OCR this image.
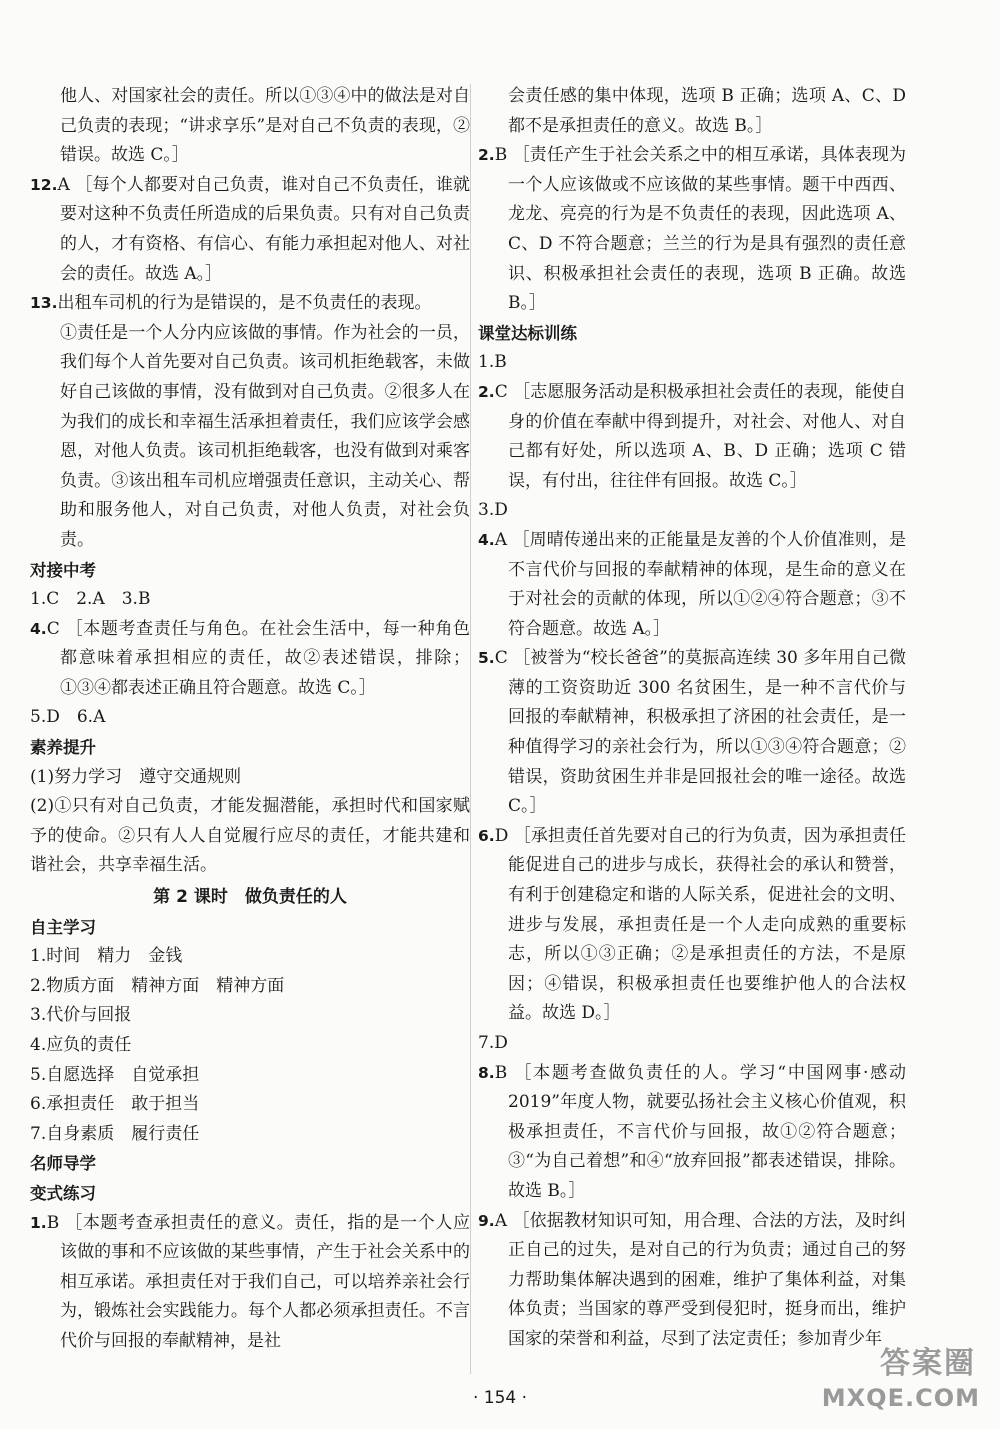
他人、对国家社会的责任。所以①③④中的做法是对自己负责的表现；“讲求享乐”是对自己不负责的表现，②错误。故选 C。］

12.A ［每个人都要对自己负责，谁对自己不负责任，谁就要对这种不负责任所造成的后果负责。只有对自己负责的人，才有资格、有信心、有能力承担起对他人、对社会的责任。故选 A。］

13.出租车司机的行为是错误的，是不负责任的表现。

①责任是一个人分内应该做的事情。作为社会的一员，我们每个人首先要对自己负责。该司机拒绝载客，未做好自己该做的事情，没有做到对自己负责。②很多人在为我们的成长和幸福生活承担着责任，我们应该学会感恩，对他人负责。该司机拒绝载客，也没有做到对乘客负责。③该出租车司机应增强责任意识，主动关心、帮助和服务他人，对自己负责，对他人负责，对社会负责。

对接中考

1.C　2.A　3.B

4.C ［本题考查责任与角色。在社会生活中，每一种角色都意味着承担相应的责任，故②表述错误，排除；①③④都表述正确且符合题意。故选 C。］

5.D　6.A

素养提升

(1)努力学习　遵守交通规则

(2)①只有对自己负责，才能发掘潜能，承担时代和国家赋予的使命。②只有人人自觉履行应尽的责任，才能共建和谐社会，共享幸福生活。

第 2 课时　做负责任的人

自主学习

1.时间　精力　金钱

2.物质方面　精神方面　精神方面

3.代价与回报

4.应负的责任

5.自愿选择　自觉承担

6.承担责任　敢于担当

7.自身素质　履行责任

名师导学

变式练习

1.B ［本题考查承担责任的意义。责任，指的是一个人应该做的事和不应该做的某些事情，产生于社会关系中的相互承诺。承担责任对于我们自己，可以培养亲社会行为，锻炼社会实践能力。每个人都必须承担责任。不言代价与回报的奉献精神，是社

会责任感的集中体现，选项 B 正确；选项 A、C、D 都不是承担责任的意义。故选 B。］

2.B ［责任产生于社会关系之中的相互承诺，具体表现为一个人应该做或不应该做的某些事情。题干中西西、龙龙、亮亮的行为是不负责任的表现，因此选项 A、C、D 不符合题意；兰兰的行为是具有强烈的责任意识、积极承担社会责任的表现，选项 B 正确。故选 B。］

课堂达标训练

1.B

2.C ［志愿服务活动是积极承担社会责任的表现，能使自身的价值在奉献中得到提升，对社会、对他人、对自己都有好处，所以选项 A、B、D 正确；选项 C 错误，有付出，往往伴有回报。故选 C。］

3.D

4.A ［周晴传递出来的正能量是友善的个人价值准则，是不言代价与回报的奉献精神的体现，是生命的意义在于对社会的贡献的体现，所以①②④符合题意；③不符合题意。故选 A。］

5.C ［被誉为“校长爸爸”的莫振高连续 30 多年用自己微薄的工资资助近 300 名贫困生，是一种不言代价与回报的奉献精神，积极承担了济困的社会责任，是一种值得学习的亲社会行为，所以①③④符合题意；②错误，资助贫困生并非是回报社会的唯一途径。故选 C。］

6.D ［承担责任首先要对自己的行为负责，因为承担责任能促进自己的进步与成长，获得社会的承认和赞誉，有利于创建稳定和谐的人际关系，促进社会的文明、进步与发展，承担责任是一个人走向成熟的重要标志，所以①③正确；②是承担责任的方法，不是原因；④错误，积极承担责任也要维护他人的合法权益。故选 D。］

7.D

8.B ［本题考查做负责任的人。学习“中国网事·感动 2019”年度人物，就要弘扬社会主义核心价值观，积极承担责任，不言代价与回报，故①②符合题意；③“为自己着想”和④“放弃回报”都表述错误，排除。故选 B。］

9.A ［依据教材知识可知，用合理、合法的方法，及时纠正自己的过失，是对自己的行为负责；通过自己的努力帮助集体解决遇到的困难，维护了集体利益，对集体负责；当国家的尊严受到侵犯时，挺身而出，维护国家的荣誉和利益，尽到了法定责任；参加青少年

· 154 ·
答案圈
MXQE.COM
